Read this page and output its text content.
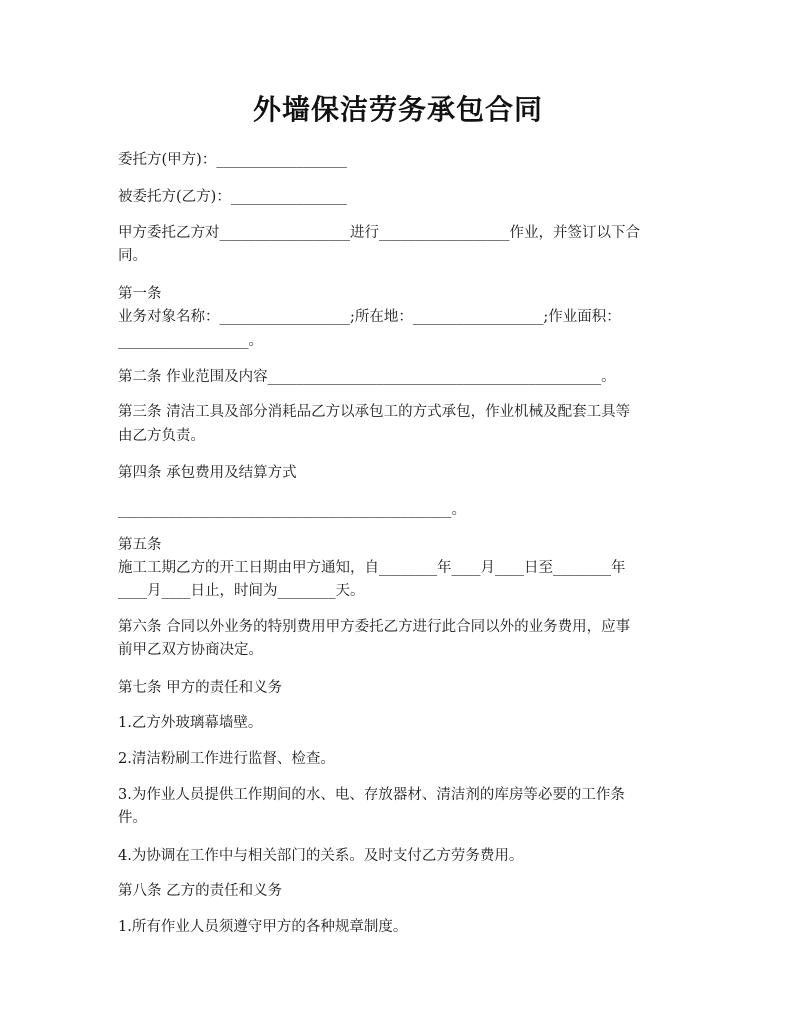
外墙保洁劳务承包合同
委托方(甲方)：__________________
被委托方(乙方)：________________
甲方委托乙方对__________________进行__________________作业，并签订以下合
同。
第一条
业务对象名称：__________________;所在地：__________________;作业面积：
__________________。
第二条 作业范围及内容______________________________________________。
第三条 清洁工具及部分消耗品乙方以承包工的方式承包，作业机械及配套工具等
由乙方负责。
第四条 承包费用及结算方式
______________________________________________。
第五条
施工工期乙方的开工日期由甲方通知，自________年____月____日至________年
____月____日止，时间为________天。
第六条 合同以外业务的特别费用甲方委托乙方进行此合同以外的业务费用，应事
前甲乙双方协商决定。
第七条 甲方的责任和义务
1.乙方外玻璃幕墙壁。
2.清洁粉刷工作进行监督、检查。
3.为作业人员提供工作期间的水、电、存放器材、清洁剂的库房等必要的工作条
件。
4.为协调在工作中与相关部门的关系。及时支付乙方劳务费用。
第八条 乙方的责任和义务
1.所有作业人员须遵守甲方的各种规章制度。
